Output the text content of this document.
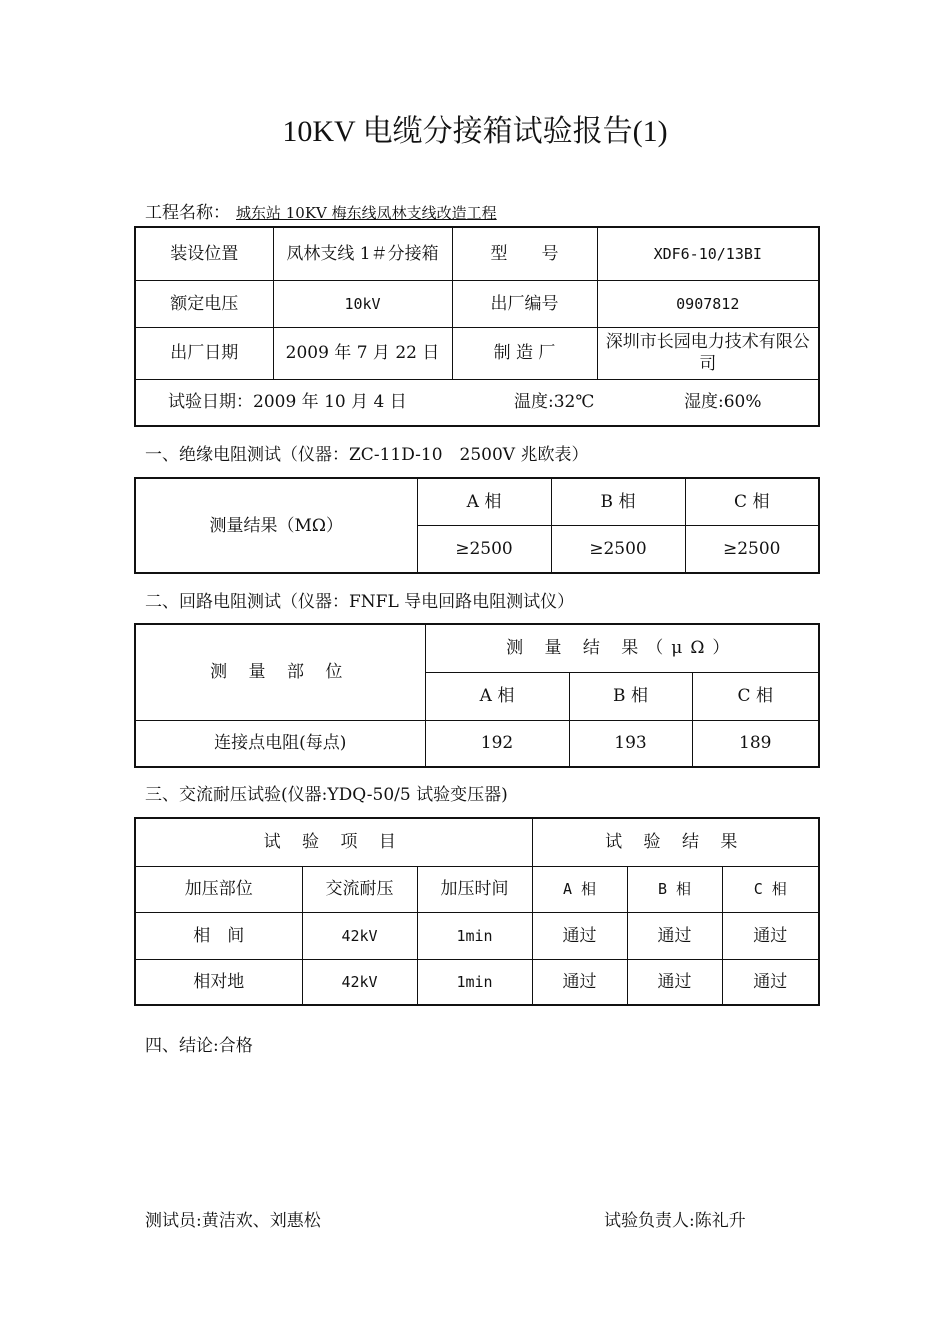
10KV 电缆分接箱试验报告(1)
工程名称： 城东站 10KV 梅东线凤林支线改造工程
装设位置	凤林支线 1＃分接箱	型　　号	XDF6-10/13BI
额定电压	10kV	出厂编号	0907812
出厂日期	2009 年 7 月 22 日	制 造 厂	深圳市长园电力技术有限公司
试验日期：2009 年 10 月 4 日 温度:32℃ 湿度:60%			
一、绝缘电阻测试（仪器：ZC-11D-10　2500V 兆欧表）
测量结果（MΩ）	A 相	B 相	C 相
	≥2500	≥2500	≥2500
二、回路电阻测试（仪器：FNFL 导电回路电阻测试仪）
测 量 部 位	测 量 结 果（μΩ）		
	A 相	B 相	C 相
连接点电阻(每点)	192	193	189
三、交流耐压试验(仪器:YDQ-50/5 试验变压器)
试 验 项 目			试 验 结 果		
加压部位	交流耐压	加压时间	A 相	B 相	C 相
相　间	42kV	1min	通过	通过	通过
相对地	42kV	1min	通过	通过	通过
四、结论:合格
测试员:黄洁欢、刘惠松	试验负责人:陈礼升
